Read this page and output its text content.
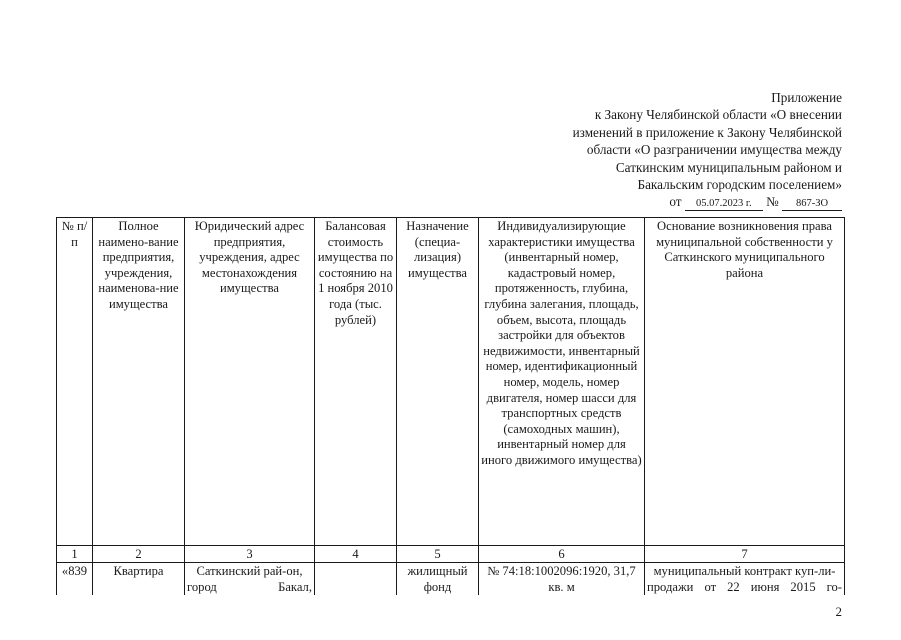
Приложение
к Закону Челябинской области «О внесении
изменений в приложение к Закону Челябинской
области «О разграничении имущества между
Саткинским муниципальным районом и
Бакальским городским поселением»
от 05.07.2023 г. № 867-ЗО
№ п/п	Полное наимено-вание предприятия, учреждения, наименова-ние имущества	Юридический адрес предприятия, учреждения, адрес местонахождения имущества	Балансовая стоимость имущества по состоянию на 1 ноября 2010 года (тыс. рублей)	Назначение (специа-лизация) имущества	Индивидуализирующие характеристики имущества (инвентарный номер, кадастровый номер, протяженность, глубина, глубина залегания, площадь, объем, высота, площадь застройки для объектов недвижимости, инвентарный номер, идентификационный номер, модель, номер двигателя, номер шасси для транспортных средств (самоходных машин), инвентарный номер для иного движимого имущества)	Основание возникновения права муниципальной собственности у Саткинского муниципального района
1	2	3	4	5	6	7
«839	Квартира	Саткинский рай-он, город Бакал,		жилищный фонд	№ 74:18:1002096:1920, 31,7 кв. м	муниципальный контракт куп-ли-продажи от 22 июня 2015 го-
2
